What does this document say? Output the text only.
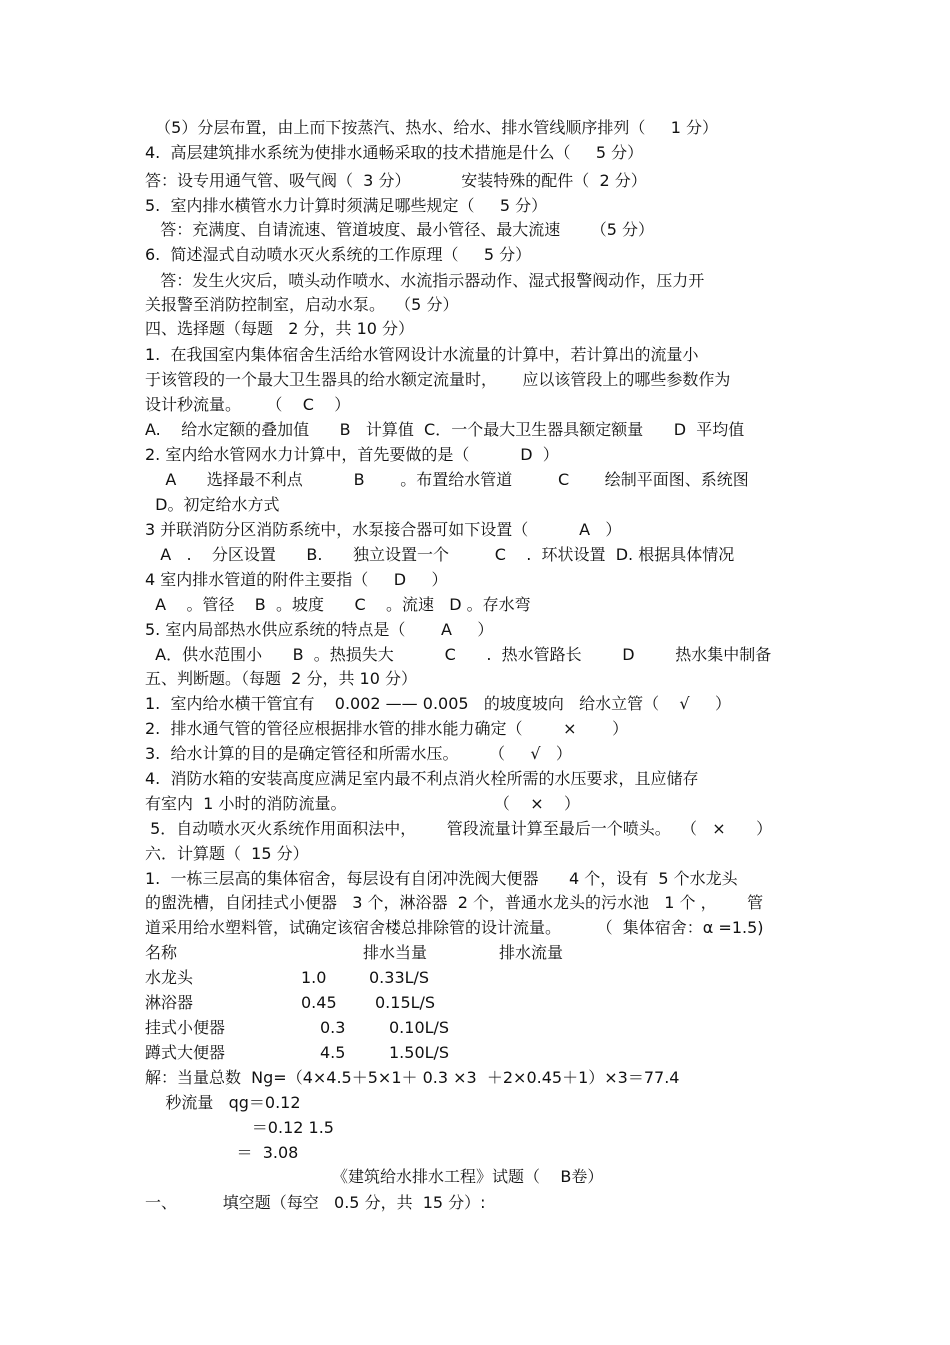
（5）分层布置，由上而下按蒸汽、热水、给水、排水管线顺序排列（     1 分）
4.  高层建筑排水系统为使排水通畅采取的技术措施是什么（     5 分）
答：设专用通气管、吸气阀（  3 分）          安装特殊的配件（  2 分）
5.  室内排水横管水力计算时须满足哪些规定（     5 分）
答：充满度、自请流速、管道坡度、最小管径、最大流速      （5 分）
6.  简述湿式自动喷水灭火系统的工作原理（     5 分）
答：发生火灾后，喷头动作喷水、水流指示器动作、湿式报警阀动作，压力开
关报警至消防控制室，启动水泵。  （5 分）
四、选择题（每题   2 分，共 10 分）
1.  在我国室内集体宿舍生活给水管网设计水流量的计算中，若计算出的流量小
于该管段的一个最大卫生器具的给水额定流量时，     应以该管段上的哪些参数作为
设计秒流量。     （    C    ）
A.    给水定额的叠加值      B   计算值  C．一个最大卫生器具额定额量      D  平均值
2. 室内给水管网水力计算中，首先要做的是（          D  ）
A      选择最不利点          B       。布置给水管道         C       绘制平面图、系统图
D。初定给水方式
3 并联消防分区消防系统中，水泵接合器可如下设置（          A   ）
A   .    分区设置      B.      独立设置一个         C    .  环状设置  D. 根据具体情况
4 室内排水管道的附件主要指（     D     ）
A    。管径    B  。坡度      C    。流速   D 。存水弯
5. 室内局部热水供应系统的特点是（       A     ）
A．供水范围小      B  。热损失大          C      .  热水管路长        D        热水集中制备
五、判断题。（每题  2 分，共 10 分）
1.  室内给水横干管宜有    0.002 —— 0.005   的坡度坡向   给水立管（    √     ）
2.  排水通气管的管径应根据排水管的排水能力确定（        ×       ）
3.  给水计算的目的是确定管径和所需水压。      （     √   ）
4.  消防水箱的安装高度应满足室内最不利点消火栓所需的水压要求，且应储存
有室内  1 小时的消防流量。                             （    ×    ）
5．自动喷水灭火系统作用面积法中，      管段流量计算至最后一个喷头。  （   ×      ）
六．计算题（  15 分）
1.  一栋三层高的集体宿舍，每层设有自闭冲洗阀大便器      4 个，设有  5 个水龙头
的盥洗槽，自闭挂式小便器   3 个，淋浴器  2 个，普通水龙头的污水池   1 个 ，      管
道采用给水塑料管，试确定该宿舍楼总排除管的设计流量。       （  集体宿舍：α =1.5)
名称	排水当量	排水流量
水龙头	1.0	0.33L/S
淋浴器	0.45 0.15L/S
挂式小便器	0.3	0.10L/S
蹲式大便器	4.5	1.50L/S
解：当量总数  Ng=（4×4.5＋5×1＋ 0.3 ×3  ＋2×0.45＋1）×3＝77.4
秒流量   qg＝0.12
＝0.12 1.5
＝  3.08
《建筑给水排水工程》试题（    B卷）
一、         填空题（每空   0.5 分，共  15 分）:
